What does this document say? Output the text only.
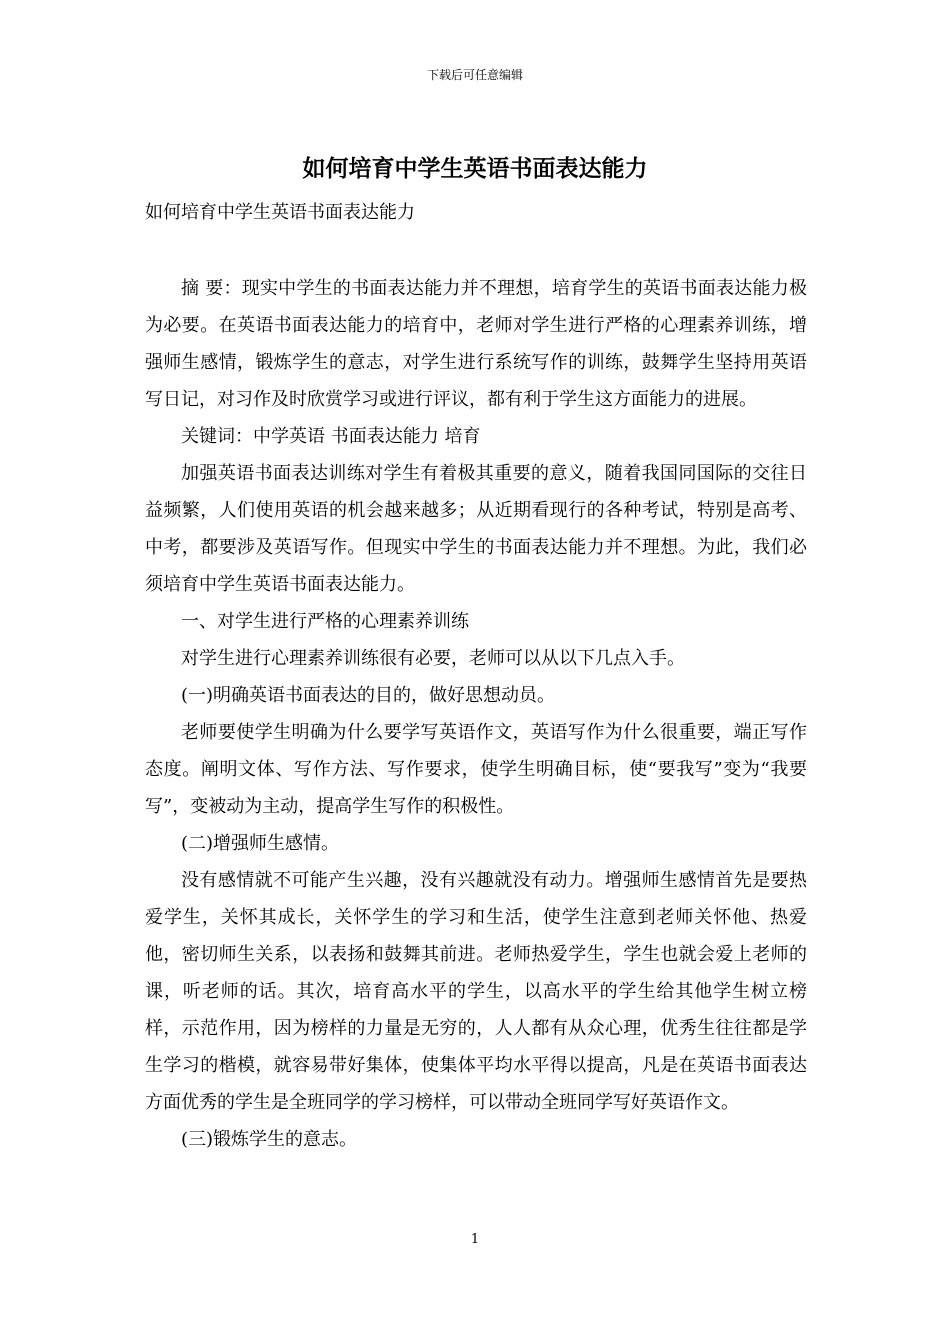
下载后可任意编辑
如何培育中学生英语书面表达能力
如何培育中学生英语书面表达能力

摘 要：现实中学生的书面表达能力并不理想，培育学生的英语书面表达能力极为必要。在英语书面表达能力的培育中，老师对学生进行严格的心理素养训练，增强师生感情，锻炼学生的意志，对学生进行系统写作的训练，鼓舞学生坚持用英语写日记，对习作及时欣赏学习或进行评议，都有利于学生这方面能力的进展。

关键词：中学英语 书面表达能力 培育

加强英语书面表达训练对学生有着极其重要的意义，随着我国同国际的交往日益频繁，人们使用英语的机会越来越多；从近期看现行的各种考试，特别是高考、中考，都要涉及英语写作。但现实中学生的书面表达能力并不理想。为此，我们必须培育中学生英语书面表达能力。

一、对学生进行严格的心理素养训练

对学生进行心理素养训练很有必要，老师可以从以下几点入手。

(一)明确英语书面表达的目的，做好思想动员。

老师要使学生明确为什么要学写英语作文，英语写作为什么很重要，端正写作态度。阐明文体、写作方法、写作要求，使学生明确目标，使“要我写”变为“我要写”，变被动为主动，提高学生写作的积极性。

(二)增强师生感情。

没有感情就不可能产生兴趣，没有兴趣就没有动力。增强师生感情首先是要热爱学生，关怀其成长，关怀学生的学习和生活，使学生注意到老师关怀他、热爱他，密切师生关系，以表扬和鼓舞其前进。老师热爱学生，学生也就会爱上老师的课，听老师的话。其次，培育高水平的学生，以高水平的学生给其他学生树立榜样，示范作用，因为榜样的力量是无穷的，人人都有从众心理，优秀生往往都是学生学习的楷模，就容易带好集体，使集体平均水平得以提高，凡是在英语书面表达方面优秀的学生是全班同学的学习榜样，可以带动全班同学写好英语作文。

(三)锻炼学生的意志。

1
